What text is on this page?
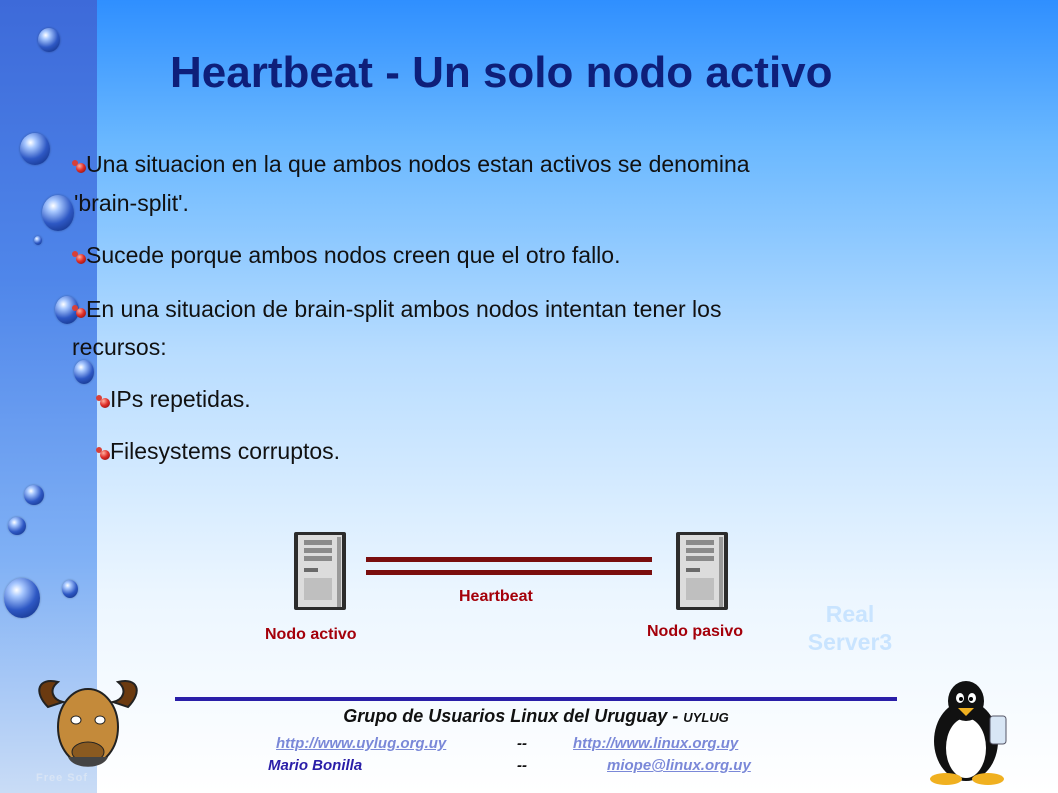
Heartbeat - Un solo nodo activo

Una situacion en la que ambos nodos estan activos se denomina

'brain-split'.

Sucede porque ambos nodos creen que el otro fallo.

En una situacion de brain-split ambos nodos intentan tener los

recursos:

IPs repetidas.

Filesystems corruptos.

Heartbeat
Nodo activo	Nodo pasivo
Real
Server3
Grupo de Usuarios Linux del Uruguay - UYLUG
http://www.uylug.org.uy	--	http://www.linux.org.uy
Mario Bonilla	--	miope@linux.org.uy
Free Sof
